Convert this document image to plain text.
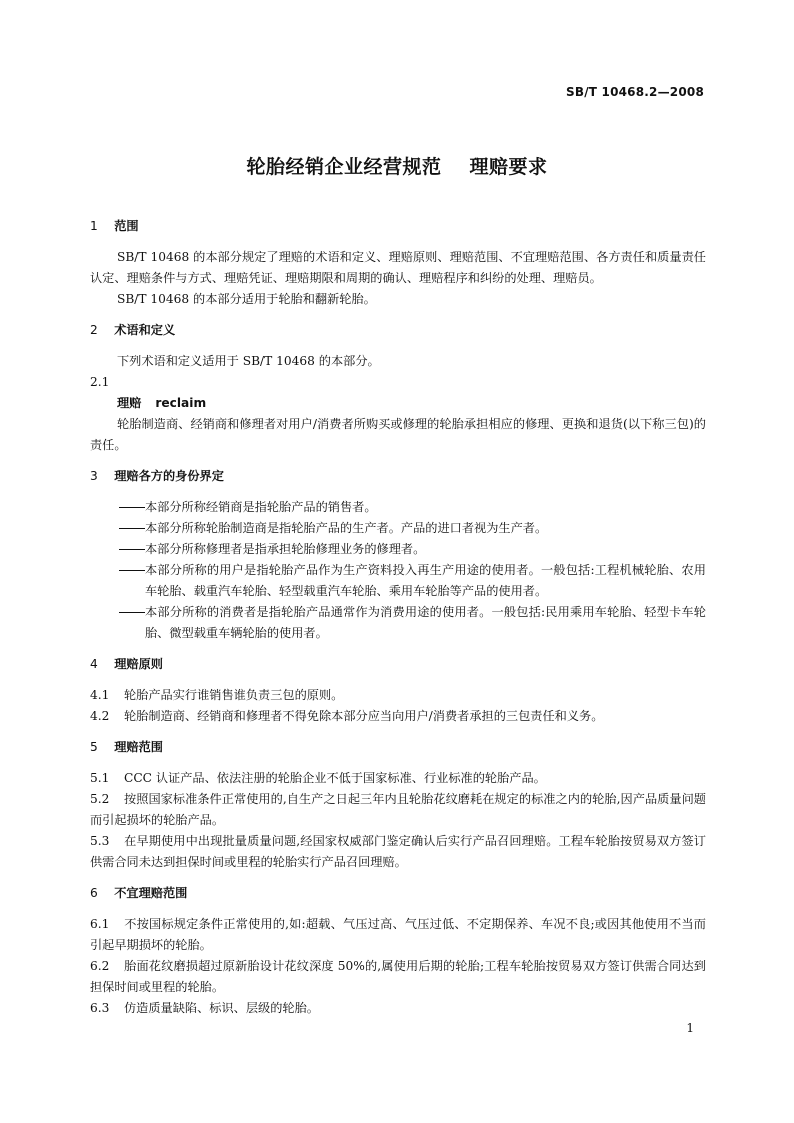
SB/T 10468.2—2008
轮胎经销企业经营规范 理赔要求
1 范围

SB/T 10468 的本部分规定了理赔的术语和定义、理赔原则、理赔范围、不宜理赔范围、各方责任和质量责任认定、理赔条件与方式、理赔凭证、理赔期限和周期的确认、理赔程序和纠纷的处理、理赔员。

SB/T 10468 的本部分适用于轮胎和翻新轮胎。

2 术语和定义

下列术语和定义适用于 SB/T 10468 的本部分。

2.1

理赔 reclaim

轮胎制造商、经销商和修理者对用户/消费者所购买或修理的轮胎承担相应的修理、更换和退货(以下称三包)的责任。

3 理赔各方的身份界定
本部分所称经销商是指轮胎产品的销售者。
本部分所称轮胎制造商是指轮胎产品的生产者。产品的进口者视为生产者。
本部分所称修理者是指承担轮胎修理业务的修理者。
本部分所称的用户是指轮胎产品作为生产资料投入再生产用途的使用者。一般包括:工程机械轮胎、农用车轮胎、载重汽车轮胎、轻型载重汽车轮胎、乘用车轮胎等产品的使用者。
本部分所称的消费者是指轮胎产品通常作为消费用途的使用者。一般包括:民用乘用车轮胎、轻型卡车轮胎、微型载重车辆轮胎的使用者。
4 理赔原则

4.1 轮胎产品实行谁销售谁负责三包的原则。

4.2 轮胎制造商、经销商和修理者不得免除本部分应当向用户/消费者承担的三包责任和义务。

5 理赔范围

5.1 CCC 认证产品、依法注册的轮胎企业不低于国家标准、行业标准的轮胎产品。

5.2 按照国家标准条件正常使用的,自生产之日起三年内且轮胎花纹磨耗在规定的标准之内的轮胎,因产品质量问题而引起损坏的轮胎产品。

5.3 在早期使用中出现批量质量问题,经国家权威部门鉴定确认后实行产品召回理赔。工程车轮胎按贸易双方签订供需合同未达到担保时间或里程的轮胎实行产品召回理赔。

6 不宜理赔范围

6.1 不按国标规定条件正常使用的,如:超载、气压过高、气压过低、不定期保养、车况不良;或因其他使用不当而引起早期损坏的轮胎。

6.2 胎面花纹磨损超过原新胎设计花纹深度 50%的,属使用后期的轮胎;工程车轮胎按贸易双方签订供需合同达到担保时间或里程的轮胎。

6.3 仿造质量缺陷、标识、层级的轮胎。

1
